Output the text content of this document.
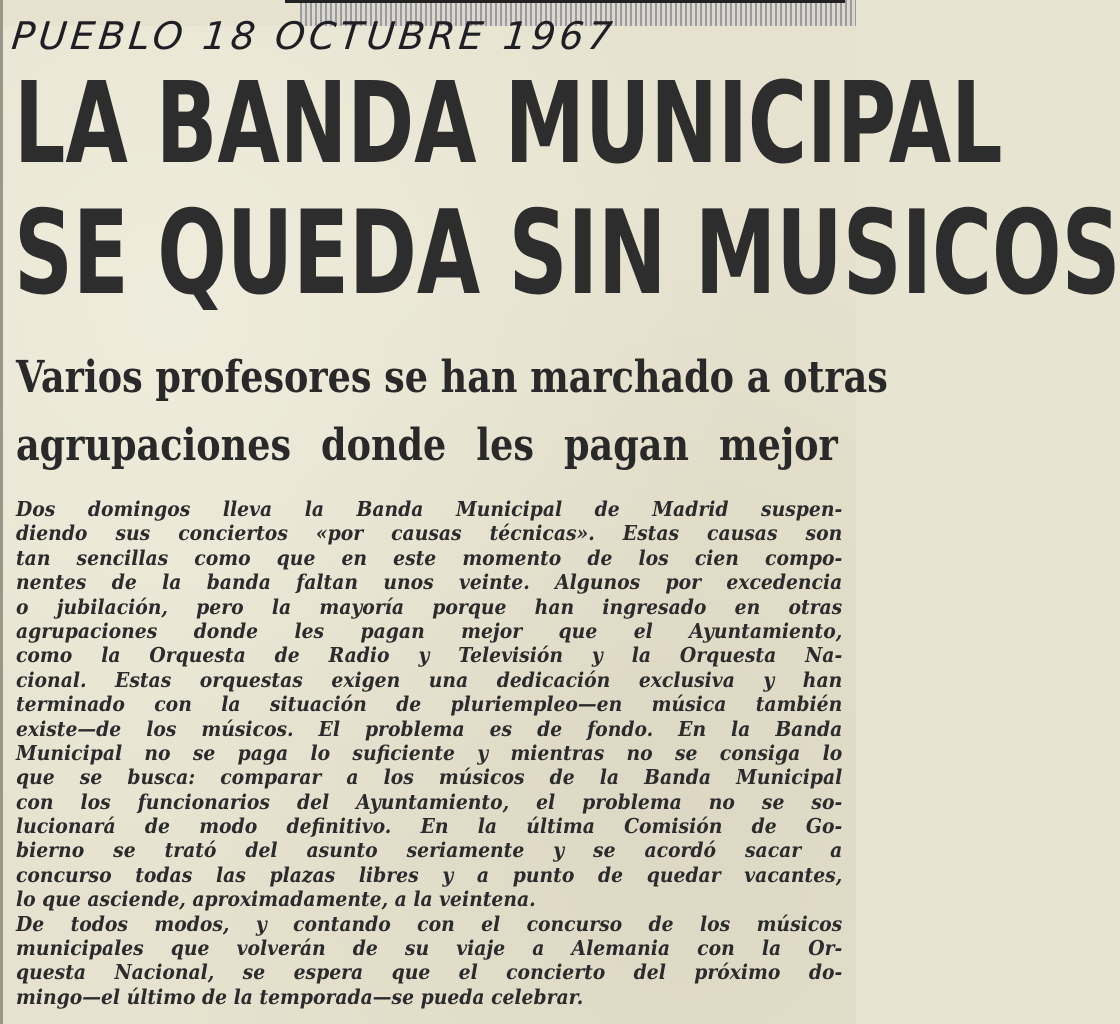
PUEBLO 18 OCTUBRE 1967
LA BANDA MUNICIPAL
SE QUEDA SIN MUSICOS
Varios profesores se han marchado a otras
agrupaciones donde les pagan mejor
Dos domingos lleva la Banda Municipal de Madrid suspen-
diendo sus conciertos «por causas técnicas». Estas causas son
tan sencillas como que en este momento de los cien compo-
nentes de la banda faltan unos veinte. Algunos por excedencia
o jubilación, pero la mayoría porque han ingresado en otras
agrupaciones donde les pagan mejor que el Ayuntamiento,
como la Orquesta de Radio y Televisión y la Orquesta Na-
cional. Estas orquestas exigen una dedicación exclusiva y han
terminado con la situación de pluriempleo—en música también
existe—de los músicos. El problema es de fondo. En la Banda
Municipal no se paga lo suficiente y mientras no se consiga lo
que se busca: comparar a los músicos de la Banda Municipal
con los funcionarios del Ayuntamiento, el problema no se so-
lucionará de modo definitivo. En la última Comisión de Go-
bierno se trató del asunto seriamente y se acordó sacar a
concurso todas las plazas libres y a punto de quedar vacantes,
lo que asciende, aproximadamente, a la veintena.
De todos modos, y contando con el concurso de los músicos
municipales que volverán de su viaje a Alemania con la Or-
questa Nacional, se espera que el concierto del próximo do-
mingo—el último de la temporada—se pueda celebrar.
